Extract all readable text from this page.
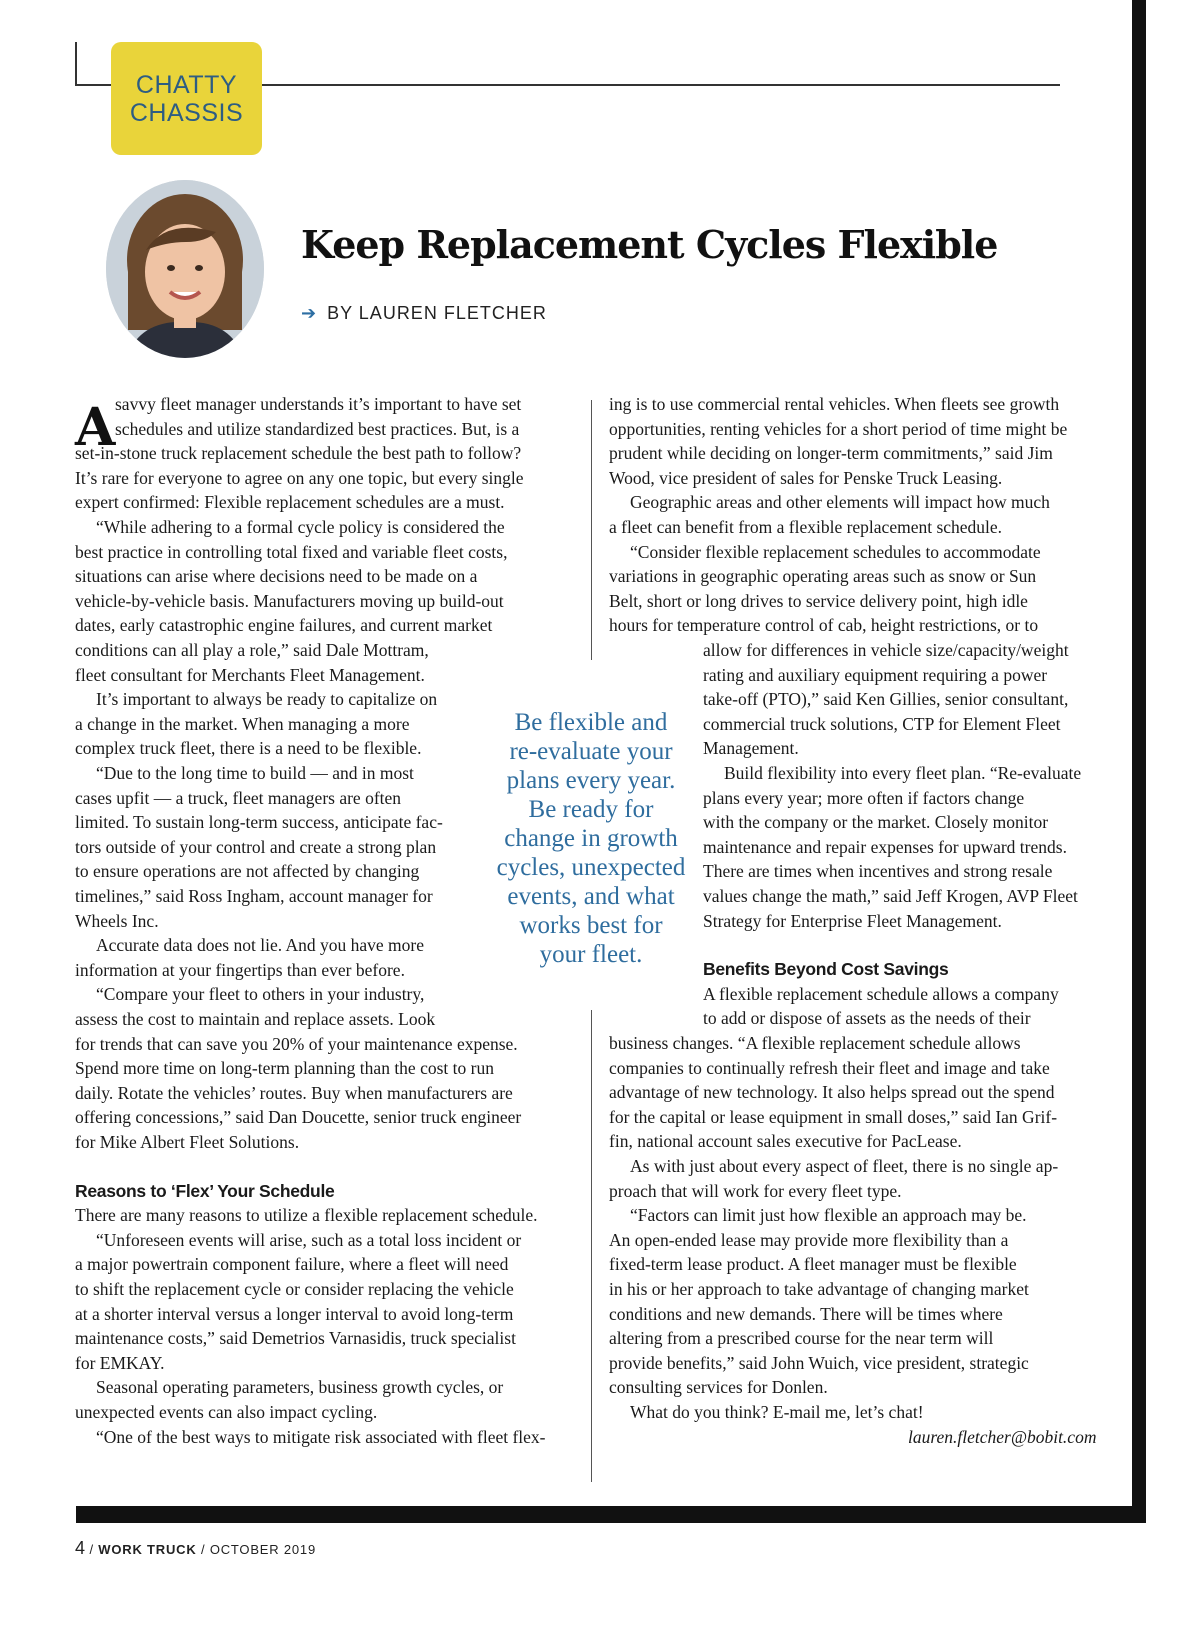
CHATTY
CHASSIS
Keep Replacement Cycles Flexible
➔ BY LAUREN FLETCHER
Be flexible and
re-evaluate your
plans every year.
Be ready for
change in growth
cycles, unexpected
events, and what
works best for
your fleet.
A savvy fleet manager understands it’s important to have set
schedules and utilize standardized best practices. But, is a
set-in-stone truck replacement schedule the best path to follow?
It’s rare for everyone to agree on any one topic, but every single
expert confirmed: Flexible replacement schedules are a must.
“While adhering to a formal cycle policy is considered the
best practice in controlling total fixed and variable fleet costs,
situations can arise where decisions need to be made on a
vehicle-by-vehicle basis. Manufacturers moving up build-out
dates, early catastrophic engine failures, and current market
conditions can all play a role,” said Dale Mottram,
fleet consultant for Merchants Fleet Management.
It’s important to always be ready to capitalize on
a change in the market. When managing a more
complex truck fleet, there is a need to be flexible.
“Due to the long time to build — and in most
cases upfit — a truck, fleet managers are often
limited. To sustain long-term success, anticipate fac-
tors outside of your control and create a strong plan
to ensure operations are not affected by changing
timelines,” said Ross Ingham, account manager for
Wheels Inc.
Accurate data does not lie. And you have more
information at your fingertips than ever before.
“Compare your fleet to others in your industry,
assess the cost to maintain and replace assets. Look
for trends that can save you 20% of your maintenance expense.
Spend more time on long-term planning than the cost to run
daily. Rotate the vehicles’ routes. Buy when manufacturers are
offering concessions,” said Dan Doucette, senior truck engineer
for Mike Albert Fleet Solutions.
Reasons to ‘Flex’ Your Schedule
There are many reasons to utilize a flexible replacement schedule.
“Unforeseen events will arise, such as a total loss incident or
a major powertrain component failure, where a fleet will need
to shift the replacement cycle or consider replacing the vehicle
at a shorter interval versus a longer interval to avoid long-term
maintenance costs,” said Demetrios Varnasidis, truck specialist
for EMKAY.
Seasonal operating parameters, business growth cycles, or
unexpected events can also impact cycling.
“One of the best ways to mitigate risk associated with fleet flex-
ing is to use commercial rental vehicles. When fleets see growth
opportunities, renting vehicles for a short period of time might be
prudent while deciding on longer-term commitments,” said Jim
Wood, vice president of sales for Penske Truck Leasing.
Geographic areas and other elements will impact how much
a fleet can benefit from a flexible replacement schedule.
“Consider flexible replacement schedules to accommodate
variations in geographic operating areas such as snow or Sun
Belt, short or long drives to service delivery point, high idle
hours for temperature control of cab, height restrictions, or to
allow for differences in vehicle size/capacity/weight
rating and auxiliary equipment requiring a power
take-off (PTO),” said Ken Gillies, senior consultant,
commercial truck solutions, CTP for Element Fleet
Management.
Build flexibility into every fleet plan. “Re-evaluate
plans every year; more often if factors change
with the company or the market. Closely monitor
maintenance and repair expenses for upward trends.
There are times when incentives and strong resale
values change the math,” said Jeff Krogen, AVP Fleet
Strategy for Enterprise Fleet Management.
Benefits Beyond Cost Savings
A flexible replacement schedule allows a company
to add or dispose of assets as the needs of their
business changes. “A flexible replacement schedule allows
companies to continually refresh their fleet and image and take
advantage of new technology. It also helps spread out the spend
for the capital or lease equipment in small doses,” said Ian Grif-
fin, national account sales executive for PacLease.
As with just about every aspect of fleet, there is no single ap-
proach that will work for every fleet type.
“Factors can limit just how flexible an approach may be.
An open-ended lease may provide more flexibility than a
fixed-term lease product. A fleet manager must be flexible
in his or her approach to take advantage of changing market
conditions and new demands. There will be times where
altering from a prescribed course for the near term will
provide benefits,” said John Wuich, vice president, strategic
consulting services for Donlen.
What do you think? E-mail me, let’s chat!
lauren.fletcher@bobit.com
4 / WORK TRUCK / OCTOBER 2019
